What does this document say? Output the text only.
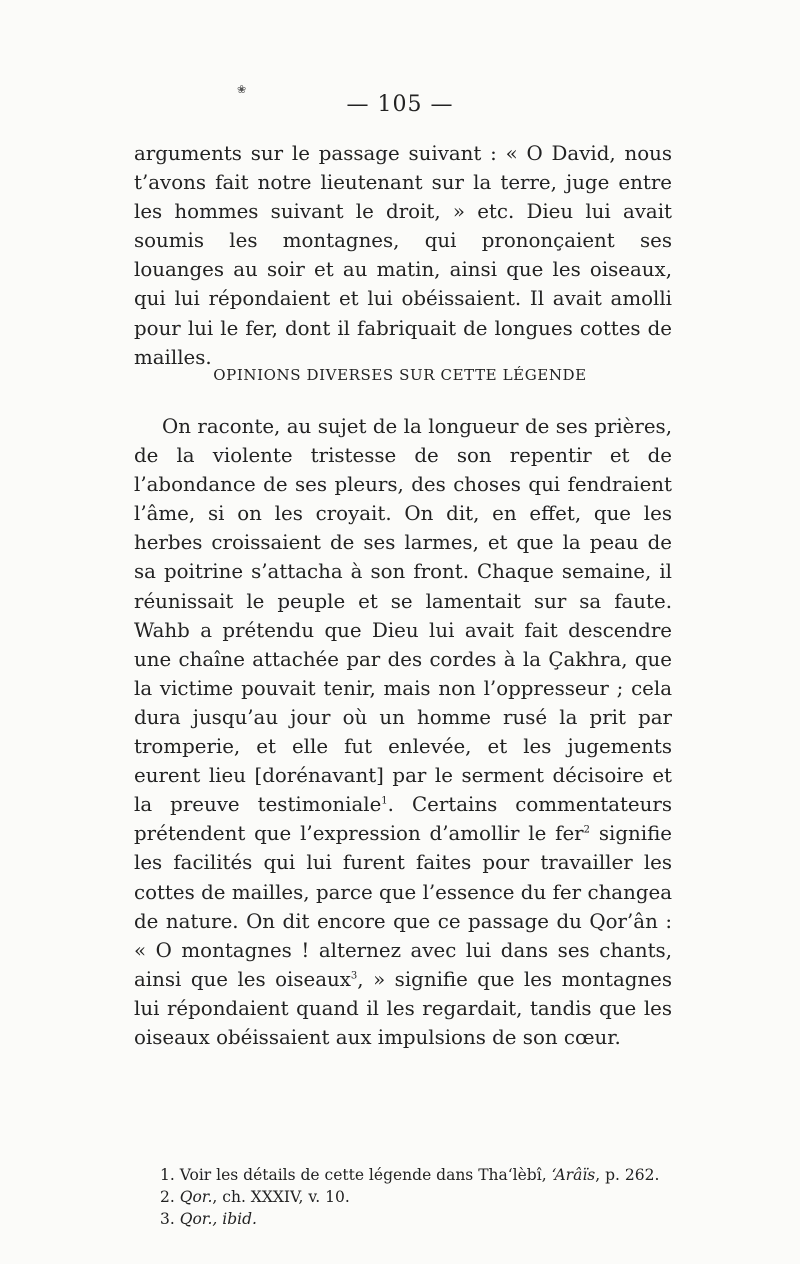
❀
— 105 —

arguments sur le passage suivant : « O David, nous t’avons fait notre lieutenant sur la terre, juge entre les hommes suivant le droit, » etc. Dieu lui avait soumis les montagnes, qui prononçaient ses louanges au soir et au matin, ainsi que les oiseaux, qui lui répondaient et lui obéissaient. Il avait amolli pour lui le fer, dont il fabriquait de longues cottes de mailles.

OPINIONS DIVERSES SUR CETTE LÉGENDE

On raconte, au sujet de la longueur de ses prières, de la violente tristesse de son repentir et de l’abondance de ses pleurs, des choses qui fendraient l’âme, si on les croyait. On dit, en effet, que les herbes croissaient de ses larmes, et que la peau de sa poitrine s’attacha à son front. Chaque semaine, il réunissait le peuple et se lamentait sur sa faute. Wahb a prétendu que Dieu lui avait fait descendre une chaîne attachée par des cordes à la Çakhra, que la victime pouvait tenir, mais non l’oppresseur ; cela dura jusqu’au jour où un homme rusé la prit par tromperie, et elle fut enlevée, et les jugements eurent lieu [dorénavant] par le serment décisoire et la preuve testimoniale$^1$. Certains commentateurs prétendent que l’expression d’amollir le fer$^2$ signifie les facilités qui lui furent faites pour travailler les cottes de mailles, parce que l’essence du fer changea de nature. On dit encore que ce passage du Qor’ân : « O montagnes ! alternez avec lui dans ses chants, ainsi que les oiseaux$^3$, » signifie que les montagnes lui répondaient quand il les regardait, tandis que les oiseaux obéissaient aux impulsions de son cœur.

1. Voir les détails de cette légende dans Tha‘lèbî, ‘Arâïs, p. 262.
2. Qor., ch. XXXIV, v. 10.
3. Qor., ibid.
